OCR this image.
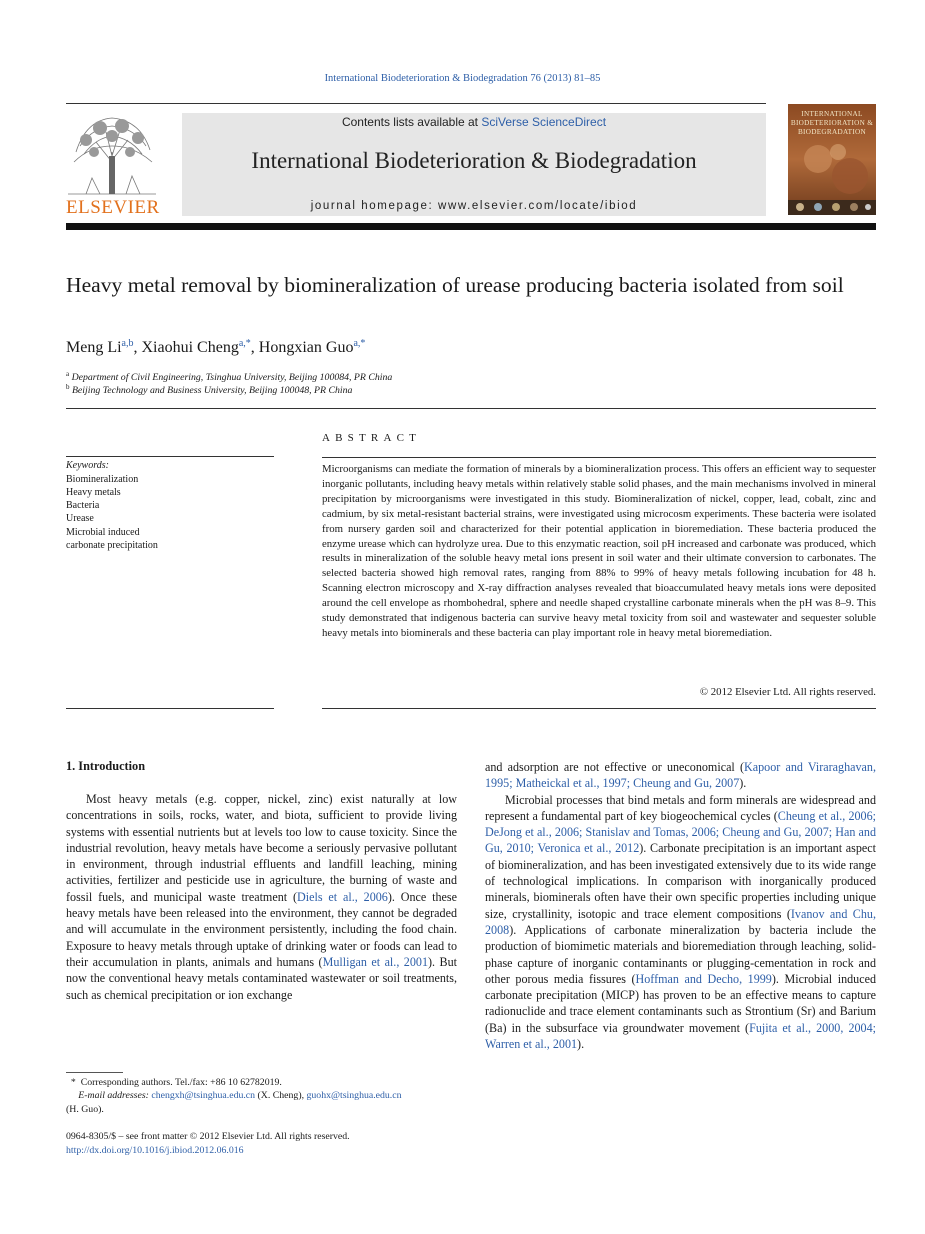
International Biodeterioration & Biodegradation 76 (2013) 81–85
ELSEVIER
Contents lists available at SciVerse ScienceDirect
International Biodeterioration & Biodegradation
journal homepage: www.elsevier.com/locate/ibiod
INTERNATIONAL BIODETERIORATION & BIODEGRADATION
Heavy metal removal by biomineralization of urease producing bacteria isolated from soil
Meng Li$^{a,b}$, Xiaohui Cheng$^{a,*}$, Hongxian Guo$^{a,*}$
$^a$ Department of Civil Engineering, Tsinghua University, Beijing 100084, PR China
$^b$ Beijing Technology and Business University, Beijing 100048, PR China
ABSTRACT
Keywords:
Biomineralization
Heavy metals
Bacteria
Urease
Microbial induced
carbonate precipitation
Microorganisms can mediate the formation of minerals by a biomineralization process. This offers an efficient way to sequester inorganic pollutants, including heavy metals within relatively stable solid phases, and the main mechanisms involved in mineral precipitation by microorganisms were investigated in this study. Biomineralization of nickel, copper, lead, cobalt, zinc and cadmium, by six metal-resistant bacterial strains, were investigated using microcosm experiments. These bacteria were isolated from nursery garden soil and characterized for their potential application in bioremediation. These bacteria produced the enzyme urease which can hydrolyze urea. Due to this enzymatic reaction, soil pH increased and carbonate was produced, which results in mineralization of the soluble heavy metal ions present in soil water and their ultimate conversion to carbonates. The selected bacteria showed high removal rates, ranging from 88% to 99% of heavy metals following incubation for 48 h. Scanning electron microscopy and X-ray diffraction analyses revealed that bioaccumulated heavy metals ions were deposited around the cell envelope as rhombohedral, sphere and needle shaped crystalline carbonate minerals when the pH was 8–9. This study demonstrated that indigenous bacteria can survive heavy metal toxicity from soil and wastewater and sequester soluble heavy metals into biominerals and these bacteria can play important role in heavy metal bioremediation.
© 2012 Elsevier Ltd. All rights reserved.
1. Introduction
Most heavy metals (e.g. copper, nickel, zinc) exist naturally at low concentrations in soils, rocks, water, and biota, sufficient to provide living systems with essential nutrients but at levels too low to cause toxicity. Since the industrial revolution, heavy metals have become a seriously pervasive pollutant in environment, through industrial effluents and landfill leaching, mining activities, fertilizer and pesticide use in agriculture, the burning of waste and fossil fuels, and municipal waste treatment (Diels et al., 2006). Once these heavy metals have been released into the environment, they cannot be degraded and will accumulate in the environment persistently, including the food chain. Exposure to heavy metals through uptake of drinking water or foods can lead to their accumulation in plants, animals and humans (Mulligan et al., 2001). But now the conventional heavy metals contaminated wastewater or soil treatments, such as chemical precipitation or ion exchange

and adsorption are not effective or uneconomical (Kapoor and Viraraghavan, 1995; Matheickal et al., 1997; Cheung and Gu, 2007).

Microbial processes that bind metals and form minerals are widespread and represent a fundamental part of key biogeochemical cycles (Cheung et al., 2006; DeJong et al., 2006; Stanislav and Tomas, 2006; Cheung and Gu, 2007; Han and Gu, 2010; Veronica et al., 2012). Carbonate precipitation is an important aspect of biomineralization, and has been investigated extensively due to its wide range of technological implications. In comparison with inorganically produced minerals, biominerals often have their own specific properties including unique size, crystallinity, isotopic and trace element compositions (Ivanov and Chu, 2008). Applications of carbonate mineralization by bacteria include the production of biomimetic materials and bioremediation through leaching, solid-phase capture of inorganic contaminants or plugging-cementation in rock and other porous media fissures (Hoffman and Decho, 1999). Microbial induced carbonate precipitation (MICP) has proven to be an effective means to capture radionuclide and trace element contaminants such as Strontium (Sr) and Barium (Ba) in the subsurface via groundwater movement (Fujita et al., 2000, 2004; Warren et al., 2001).

* Corresponding authors. Tel./fax: +86 10 62782019.
E-mail addresses: chengxh@tsinghua.edu.cn (X. Cheng), guohx@tsinghua.edu.cn
(H. Guo).
0964-8305/$ – see front matter © 2012 Elsevier Ltd. All rights reserved.
http://dx.doi.org/10.1016/j.ibiod.2012.06.016
